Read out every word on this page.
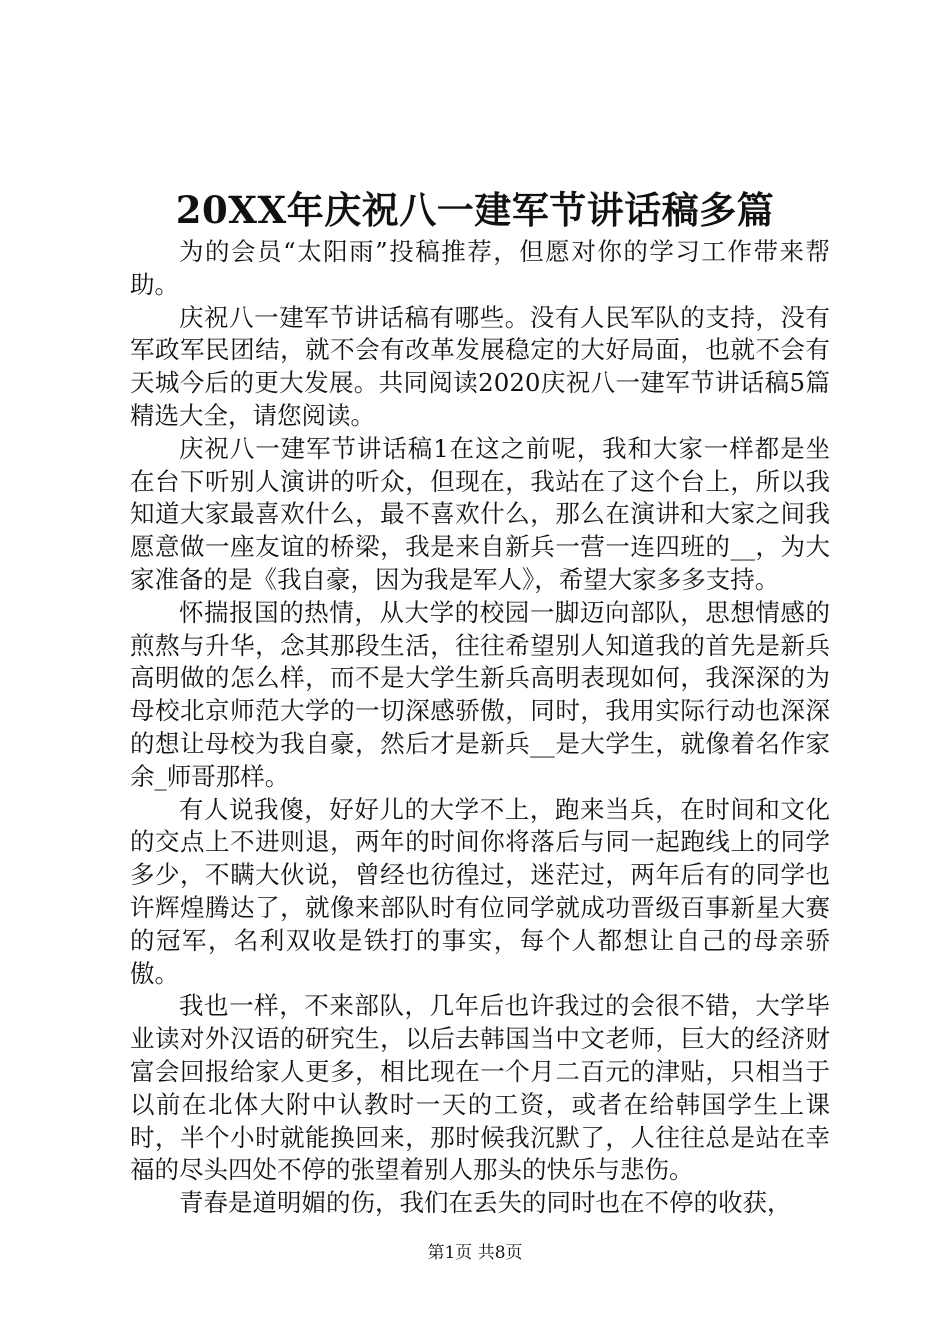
20XX年庆祝八一建军节讲话稿多篇

为的会员“太阳雨”投稿推荐，但愿对你的学习工作带来帮助。

庆祝八一建军节讲话稿有哪些。没有人民军队的支持，没有军政军民团结，就不会有改革发展稳定的大好局面，也就不会有天城今后的更大发展。共同阅读2020庆祝八一建军节讲话稿5篇精选大全，请您阅读。

庆祝八一建军节讲话稿1在这之前呢，我和大家一样都是坐在台下听别人演讲的听众，但现在，我站在了这个台上，所以我知道大家最喜欢什么，最不喜欢什么，那么在演讲和大家之间我愿意做一座友谊的桥梁，我是来自新兵一营一连四班的__，为大家准备的是《我自豪，因为我是军人》，希望大家多多支持。

怀揣报国的热情，从大学的校园一脚迈向部队，思想情感的煎熬与升华，念其那段生活，往往希望别人知道我的首先是新兵高明做的怎么样，而不是大学生新兵高明表现如何，我深深的为母校北京师范大学的一切深感骄傲，同时，我用实际行动也深深的想让母校为我自豪，然后才是新兵__是大学生，就像着名作家余_师哥那样。

有人说我傻，好好儿的大学不上，跑来当兵，在时间和文化的交点上不进则退，两年的时间你将落后与同一起跑线上的同学多少，不瞒大伙说，曾经也彷徨过，迷茫过，两年后有的同学也许辉煌腾达了，就像来部队时有位同学就成功晋级百事新星大赛的冠军，名利双收是铁打的事实，每个人都想让自己的母亲骄傲。

我也一样，不来部队，几年后也许我过的会很不错，大学毕业读对外汉语的研究生，以后去韩国当中文老师，巨大的经济财富会回报给家人更多，相比现在一个月二百元的津贴，只相当于以前在北体大附中认教时一天的工资，或者在给韩国学生上课时，半个小时就能换回来，那时候我沉默了，人往往总是站在幸福的尽头四处不停的张望着别人那头的快乐与悲伤。

青春是道明媚的伤，我们在丢失的同时也在不停的收获，

第1页 共8页
